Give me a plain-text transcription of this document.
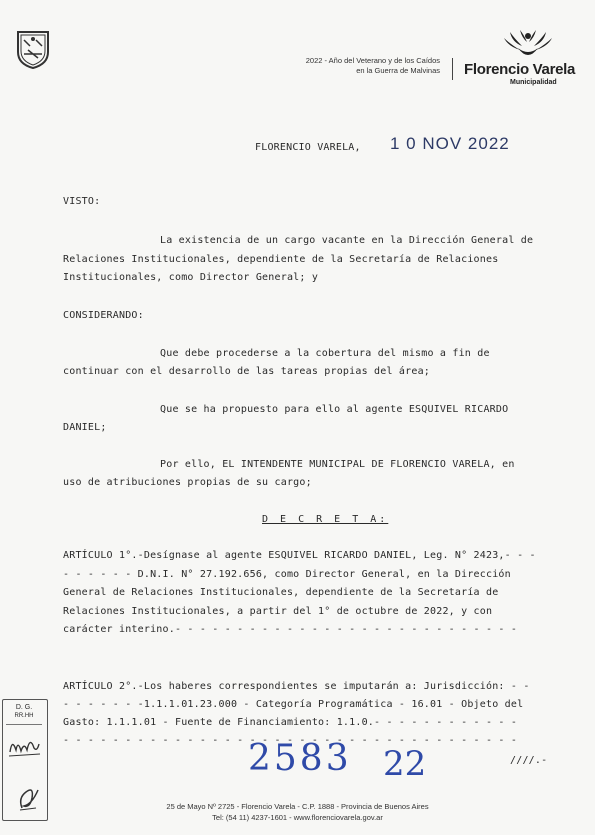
2022 - Año del Veterano y de los Caídos
en la Guerra de Malvinas Florencio Varela
Municipalidad
FLORENCIO VARELA, 1 0 NOV 2022
VISTO:
La existencia de un cargo vacante en la Dirección General de
Relaciones Institucionales, dependiente de la Secretaría de Relaciones
Institucionales, como Director General; y
CONSIDERANDO:
Que debe procederse a la cobertura del mismo a fin de
continuar con el desarrollo de las tareas propias del área;
Que se ha propuesto para ello al agente ESQUIVEL RICARDO
DANIEL;
Por ello, EL INTENDENTE MUNICIPAL DE FLORENCIO VARELA, en
uso de atribuciones propias de su cargo;
D E C R E T A:
ARTÍCULO 1°.-Desígnase al agente ESQUIVEL RICARDO DANIEL, Leg. N° 2423,- - -
- - - - - - D.N.I. N° 27.192.656, como Director General, en la Dirección
General de Relaciones Institucionales, dependiente de la Secretaría de
Relaciones Institucionales, a partir del 1° de octubre de 2022, y con
carácter interino.- - - - - - - - - - - - - - - - - - - - - - - - - - - -
ARTÍCULO 2°.-Los haberes correspondientes se imputarán a: Jurisdicción: - -
- - - - - - -1.1.1.01.23.000 - Categoría Programática - 16.01 - Objeto del
Gasto: 1.1.1.01 - Fuente de Financiamiento: 1.1.0.- - - - - - - - - - - -
- - - - - - - - - - - - - - - - - - - - - - - - - - - - - - - - - - - - -
2583 22	////.-
D. G.
RR.HH
25 de Mayo Nº 2725 - Florencio Varela - C.P. 1888 - Provincia de Buenos Aires
Tel: (54 11) 4237-1601 - www.florenciovarela.gov.ar
